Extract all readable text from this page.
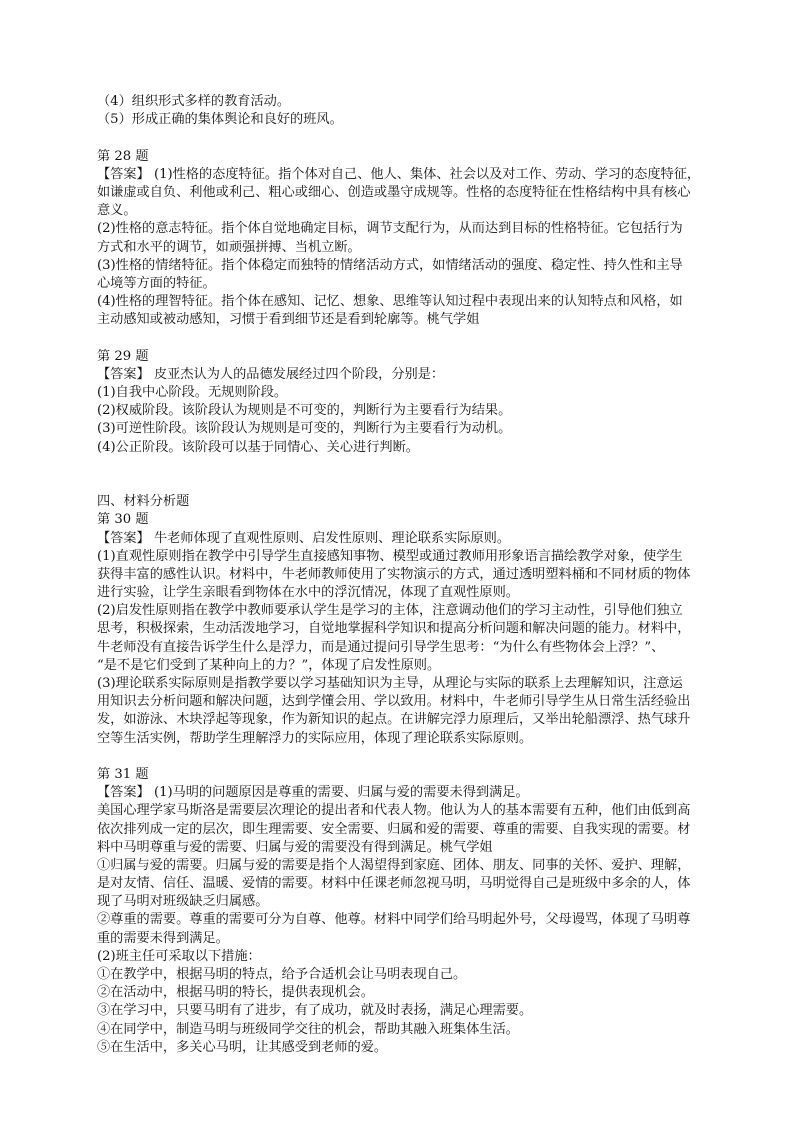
（4）组织形式多样的教育活动。
（5）形成正确的集体舆论和良好的班风。
第 28 题
【答案】 (1)性格的态度特征。指个体对自己、他人、集体、社会以及对工作、劳动、学习的态度特征，
如谦虚或自负、利他或利己、粗心或细心、创造或墨守成规等。性格的态度特征在性格结构中具有核心
意义。
(2)性格的意志特征。指个体自觉地确定目标，调节支配行为，从而达到目标的性格特征。它包括行为
方式和水平的调节，如顽强拼搏、当机立断。
(3)性格的情绪特征。指个体稳定而独特的情绪活动方式，如情绪活动的强度、稳定性、持久性和主导
心境等方面的特征。
(4)性格的理智特征。指个体在感知、记忆、想象、思维等认知过程中表现出来的认知特点和风格，如
主动感知或被动感知，习惯于看到细节还是看到轮廓等。桃气学姐
第 29 题
【答案】 皮亚杰认为人的品德发展经过四个阶段，分别是：
(1)自我中心阶段。无规则阶段。
(2)权威阶段。该阶段认为规则是不可变的，判断行为主要看行为结果。
(3)可逆性阶段。该阶段认为规则是可变的，判断行为主要看行为动机。
(4)公正阶段。该阶段可以基于同情心、关心进行判断。
四、材料分析题
第 30 题
【答案】 牛老师体现了直观性原则、启发性原则、理论联系实际原则。
(1)直观性原则指在教学中引导学生直接感知事物、模型或通过教师用形象语言描绘教学对象，使学生
获得丰富的感性认识。材料中，牛老师教师使用了实物演示的方式，通过透明塑料桶和不同材质的物体
进行实验，让学生亲眼看到物体在水中的浮沉情况，体现了直观性原则。
(2)启发性原则指在教学中教师要承认学生是学习的主体，注意调动他们的学习主动性，引导他们独立
思考，积极探索，生动活泼地学习，自觉地掌握科学知识和提高分析问题和解决问题的能力。材料中，
牛老师没有直接告诉学生什么是浮力，而是通过提问引导学生思考：“为什么有些物体会上浮？”、
“是不是它们受到了某种向上的力？”，体现了启发性原则。
(3)理论联系实际原则是指教学要以学习基础知识为主导，从理论与实际的联系上去理解知识，注意运
用知识去分析问题和解决问题，达到学懂会用、学以致用。材料中，牛老师引导学生从日常生活经验出
发，如游泳、木块浮起等现象，作为新知识的起点。在讲解完浮力原理后，又举出轮船漂浮、热气球升
空等生活实例，帮助学生理解浮力的实际应用，体现了理论联系实际原则。
第 31 题
【答案】 (1)马明的问题原因是尊重的需要、归属与爱的需要未得到满足。
美国心理学家马斯洛是需要层次理论的提出者和代表人物。他认为人的基本需要有五种，他们由低到高
依次排列成一定的层次，即生理需要、安全需要、归属和爱的需要、尊重的需要、自我实现的需要。材
料中马明尊重与爱的需要、归属与爱的需要没有得到满足。桃气学姐
①归属与爱的需要。归属与爱的需要是指个人渴望得到家庭、团体、朋友、同事的关怀、爱护、理解，
是对友情、信任、温暖、爱情的需要。材料中任课老师忽视马明，马明觉得自己是班级中多余的人，体
现了马明对班级缺乏归属感。
②尊重的需要。尊重的需要可分为自尊、他尊。材料中同学们给马明起外号，父母谩骂，体现了马明尊
重的需要未得到满足。
(2)班主任可采取以下措施：
①在教学中，根据马明的特点，给予合适机会让马明表现自己。
②在活动中，根据马明的特长，提供表现机会。
③在学习中，只要马明有了进步，有了成功，就及时表扬，满足心理需要。
④在同学中，制造马明与班级同学交往的机会，帮助其融入班集体生活。
⑤在生活中，多关心马明，让其感受到老师的爱。
